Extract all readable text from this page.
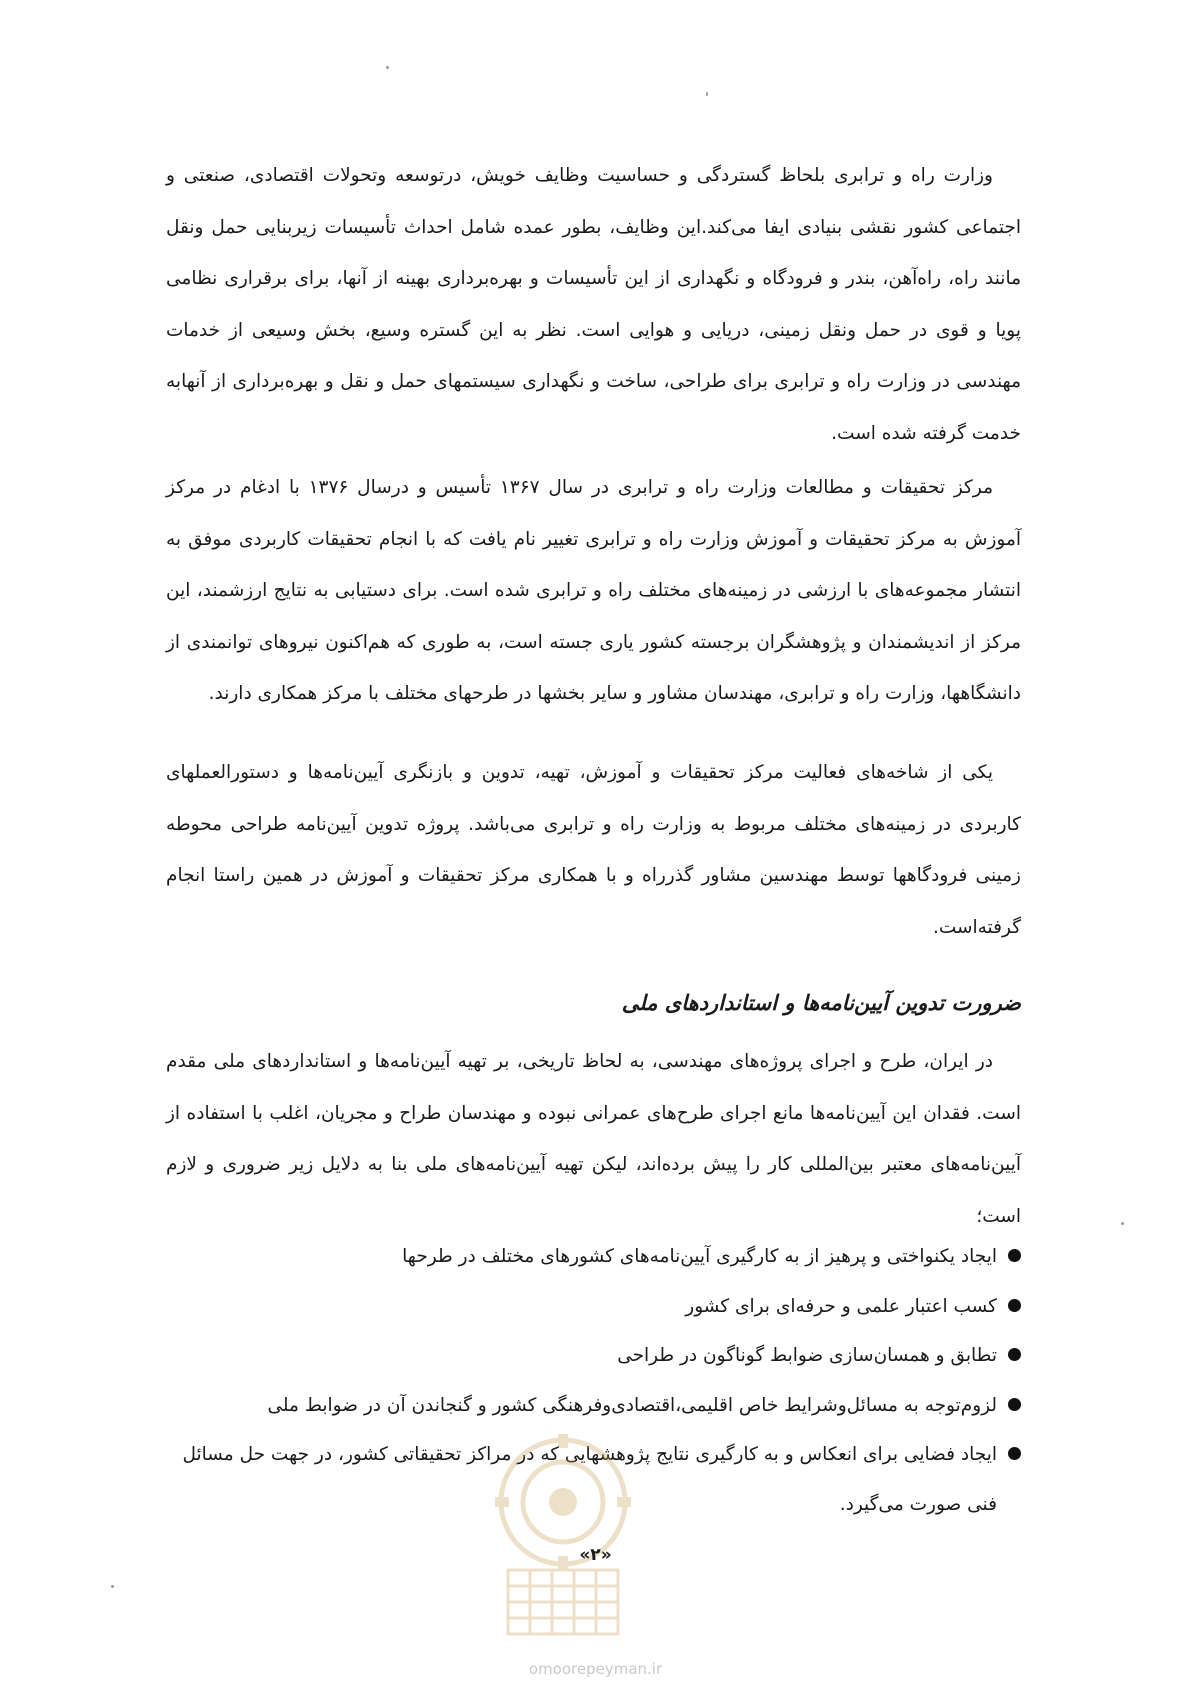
وزارت راه و ترابری بلحاظ گستردگی و حساسیت وظایف خویش، درتوسعه وتحولات اقتصادی، صنعتی و اجتماعی کشور نقشی بنیادی ایفا می‌کند.این وظایف، بطور عمده شامل احداث تأسیسات زیربنایی حمل ونقل مانند راه، راه‌آهن، بندر و فرودگاه و نگهداری از این تأسیسات و بهره‌برداری بهینه از آنها، برای برقراری نظامی پویا و قوی در حمل ونقل زمینی، دریایی و هوایی است. نظر به این گستره وسیع، بخش وسیعی از خدمات مهندسی در وزارت راه و ترابری برای طراحی، ساخت و نگهداری سیستمهای حمل و نقل و بهره‌برداری از آنهابه خدمت گرفته شده است.

مرکز تحقیقات و مطالعات وزارت راه و ترابری در سال ۱۳۶۷ تأسیس و درسال ۱۳۷۶ با ادغام در مرکز آموزش به مرکز تحقیقات و آموزش وزارت راه و ترابری تغییر نام یافت که با انجام تحقیقات کاربردی موفق به انتشار مجموعه‌های با ارزشی در زمینه‌های مختلف راه و ترابری شده است. برای دستیابی به نتایج ارزشمند، این مرکز از اندیشمندان و پژوهشگران برجسته کشور یاری جسته است، به طوری که هم‌اکنون نیروهای توانمندی از دانشگاهها، وزارت راه و ترابری، مهندسان مشاور و سایر بخشها در طرحهای مختلف با مرکز همکاری دارند.

یکی از شاخه‌های فعالیت مرکز تحقیقات و آموزش، تهیه، تدوین و بازنگری آیین‌نامه‌ها و دستورالعملهای کاربردی در زمینه‌های مختلف مربوط به وزارت راه و ترابری می‌باشد. پروژه تدوین آیین‌نامه طراحی محوطه زمینی فرودگاهها توسط مهندسین مشاور گذرراه و با همکاری مرکز تحقیقات و آموزش در همین راستا انجام گرفته‌است.

ضرورت تدوین آیین‌نامه‌ها و استانداردهای ملی

در ایران، طرح و اجرای پروژه‌های مهندسی، به لحاظ تاریخی، بر تهیه آیین‌نامه‌ها و استانداردهای ملی مقدم است. فقدان این آیین‌نامه‌ها مانع اجرای طرح‌های عمرانی نبوده و مهندسان طراح و مجریان، اغلب با استفاده از آیین‌نامه‌های معتبر بین‌المللی کار را پیش برده‌اند، لیکن تهیه آیین‌نامه‌های ملی بنا به دلایل زیر ضروری و لازم است؛

ایجاد یکنواختی و پرهیز از به کارگیری آیین‌نامه‌های کشورهای مختلف در طرحها
کسب اعتبار علمی و حرفه‌ای برای کشور
تطابق و همسان‌سازی ضوابط گوناگون در طراحی
لزوم‌توجه به مسائل‌وشرایط خاص اقلیمی،اقتصادی‌وفرهنگی کشور و گنجاندن آن در ضوابط ملی
ایجاد فضایی برای انعکاس و به کارگیری نتایج پژوهشهایی که در مراکز تحقیقاتی کشور، در جهت حل مسائل فنی صورت می‌گیرد.
«۲»
omoorepeyman.ir
